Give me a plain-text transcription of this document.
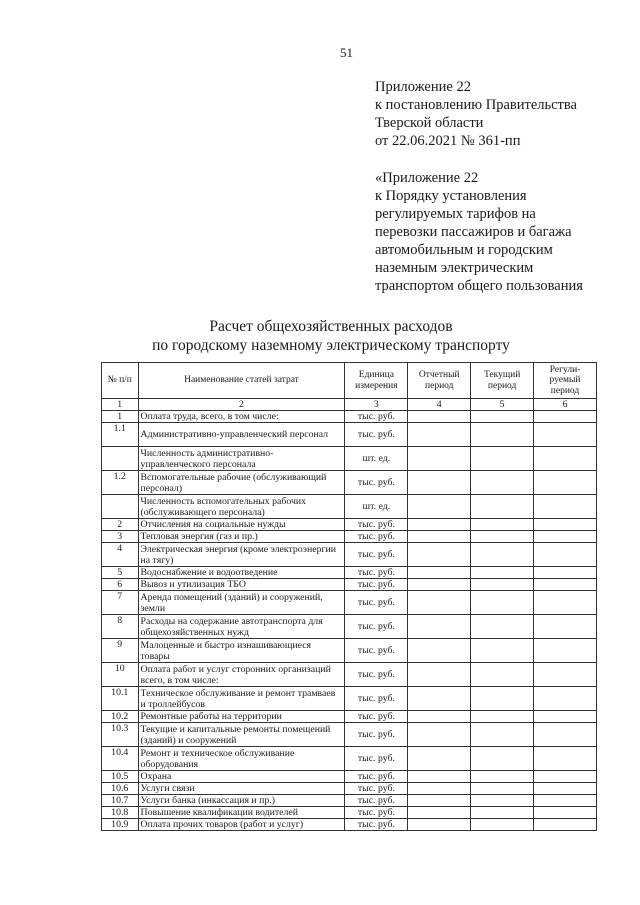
51
Приложение 22
к постановлению Правительства
Тверской области
от 22.06.2021 № 361-пп
«Приложение 22
к Порядку установления
регулируемых тарифов на
перевозки пассажиров и багажа
автомобильным и городским
наземным электрическим
транспортом общего пользования
Расчет общехозяйственных расходов
по городскому наземному электрическому транспорту
№ п/п	Наименование статей затрат	Единица измерения	Отчетный период	Текущий период	Регули-руемый период
1	2	3	4	5	6
1	Оплата труда, всего, в том числе:	тыс. руб.			
1.1	Административно-управленческий персонал	тыс. руб.			
	Численность административно-управленческого персонала	шт. ед.			
1.2	Вспомогательные рабочие (обслуживающий персонал)	тыс. руб.			
	Численность вспомогательных рабочих (обслуживающего персонала)	шт. ед.			
2	Отчисления на социальные нужды	тыс. руб.			
3	Тепловая энергия (газ и пр.)	тыс. руб.			
4	Электрическая энергия (кроме электроэнергии на тягу)	тыс. руб.			
5	Водоснабжение и водоотведение	тыс. руб.			
6	Вывоз и утилизация ТБО	тыс. руб.			
7	Аренда помещений (зданий) и сооружений, земли	тыс. руб.			
8	Расходы на содержание автотранспорта для общехозяйственных нужд	тыс. руб.			
9	Малоценные и быстро изнашивающиеся товары	тыс. руб.			
10	Оплата работ и услуг сторонних организаций всего, в том числе:	тыс. руб.			
10.1	Техническое обслуживание и ремонт трамваев и троллейбусов	тыс. руб.			
10.2	Ремонтные работы на территории	тыс. руб.			
10.3	Текущие и капитальные ремонты помещений (зданий) и сооружений	тыс. руб.			
10.4	Ремонт и техническое обслуживание оборудования	тыс. руб.			
10.5	Охрана	тыс. руб.			
10.6	Услуги связи	тыс. руб.			
10.7	Услуги банка (инкассация и пр.)	тыс. руб.			
10.8	Повышение квалификации водителей	тыс. руб.			
10.9	Оплата прочих товаров (работ и услуг)	тыс. руб.			
